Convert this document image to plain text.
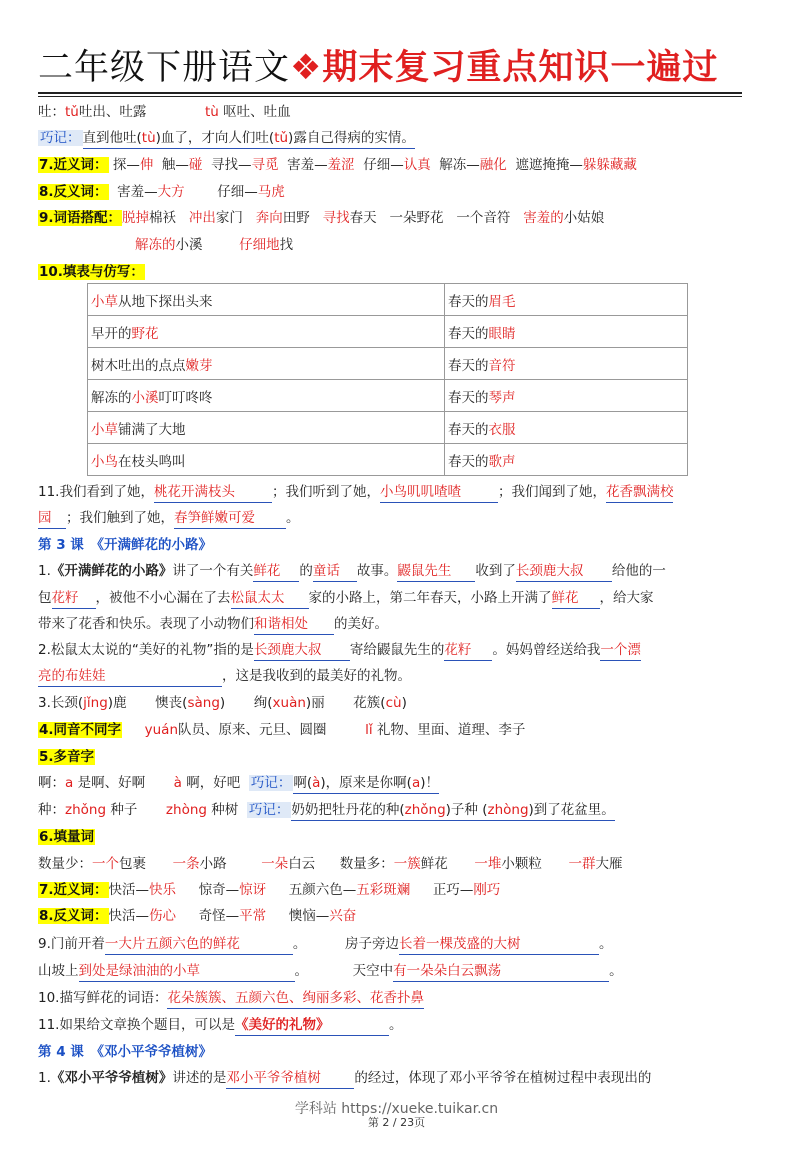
二年级下册语文❖期末复习重点知识一遍过
吐：tǔ吐出、吐露	tù 呕吐、吐血
巧记： 直到他吐(tù)血了，才向人们吐(tǔ)露自己得病的实情。
7.近义词： 探—伸 触—碰 寻找—寻觅 害羞—羞涩 仔细—认真 解冻—融化 遮遮掩掩—躲躲藏藏
8.反义词： 害羞—大方 仔细—马虎
9.词语搭配：脱掉棉袄 冲出家门 奔向田野 寻找春天 一朵野花 一个音符 害羞的小姑娘
解冻的小溪	仔细地找
10.填表与仿写：
小草从地下探出头来	春天的眉毛
早开的野花	春天的眼睛
树木吐出的点点嫩芽	春天的音符
解冻的小溪叮叮咚咚	春天的琴声
小草铺满了大地	春天的衣服
小鸟在枝头鸣叫	春天的歌声
11.我们看到了她，桃花开满枝头	；我们听到了她，小鸟叽叽喳喳	；我们闻到了她，花香飘满校
园 ；我们触到了她，春笋鲜嫩可爱 。
第 3 课　《开满鲜花的小路》
1.《开满鲜花的小路》讲了一个有关鲜花 的童话 故事。鼹鼠先生 收到了长颈鹿大叔 给他的一
包花籽 ，被他不小心漏在了去松鼠太太 家的小路上，第二年春天，小路上开满了鲜花 ，给大家
带来了花香和快乐。表现了小动物们和谐相处 的美好。
2.松鼠太太说的“美好的礼物”指的是长颈鹿大叔 寄给鼹鼠先生的花籽 。妈妈曾经送给我一个漂
亮的布娃娃	，这是我收到的最美好的礼物。
3.长颈(jǐng)鹿 懊丧(sàng) 绚(xuàn)丽 花簇(cù)
4.同音不同字 yuán队员、原来、元旦、圆圈	lǐ 礼物、里面、道理、李子
5.多音字
啊：a 是啊、好啊 à 啊，好吧 巧记： 啊(à)，原来是你啊(a)！
种：zhǒng 种子 zhòng 种树 巧记： 奶奶把牡丹花的种(zhǒng)子种 (zhòng)到了花盆里。
6.填量词
数量少：一个包裹 一条小路	一朵白云 数量多：一簇鲜花 一堆小颗粒 一群大雁
7.近义词：快活—快乐 惊奇—惊讶 五颜六色—五彩斑斓 正巧—刚巧
8.反义词：快活—伤心 奇怪—平常 懊恼—兴奋
9.门前开着一大片五颜六色的鲜花	。	房子旁边长着一棵茂盛的大树	。
山坡上到处是绿油油的小草	。	天空中有一朵朵白云飘荡	。
10.描写鲜花的词语：花朵簇簇、五颜六色、绚丽多彩、花香扑鼻
11.如果给文章换个题目，可以是《美好的礼物》	。
第 4 课　《邓小平爷爷植树》
1.《邓小平爷爷植树》讲述的是邓小平爷爷植树 的经过，体现了邓小平爷爷在植树过程中表现出的
学科站 https://xueke.tuikar.cn
第 2 / 23页
